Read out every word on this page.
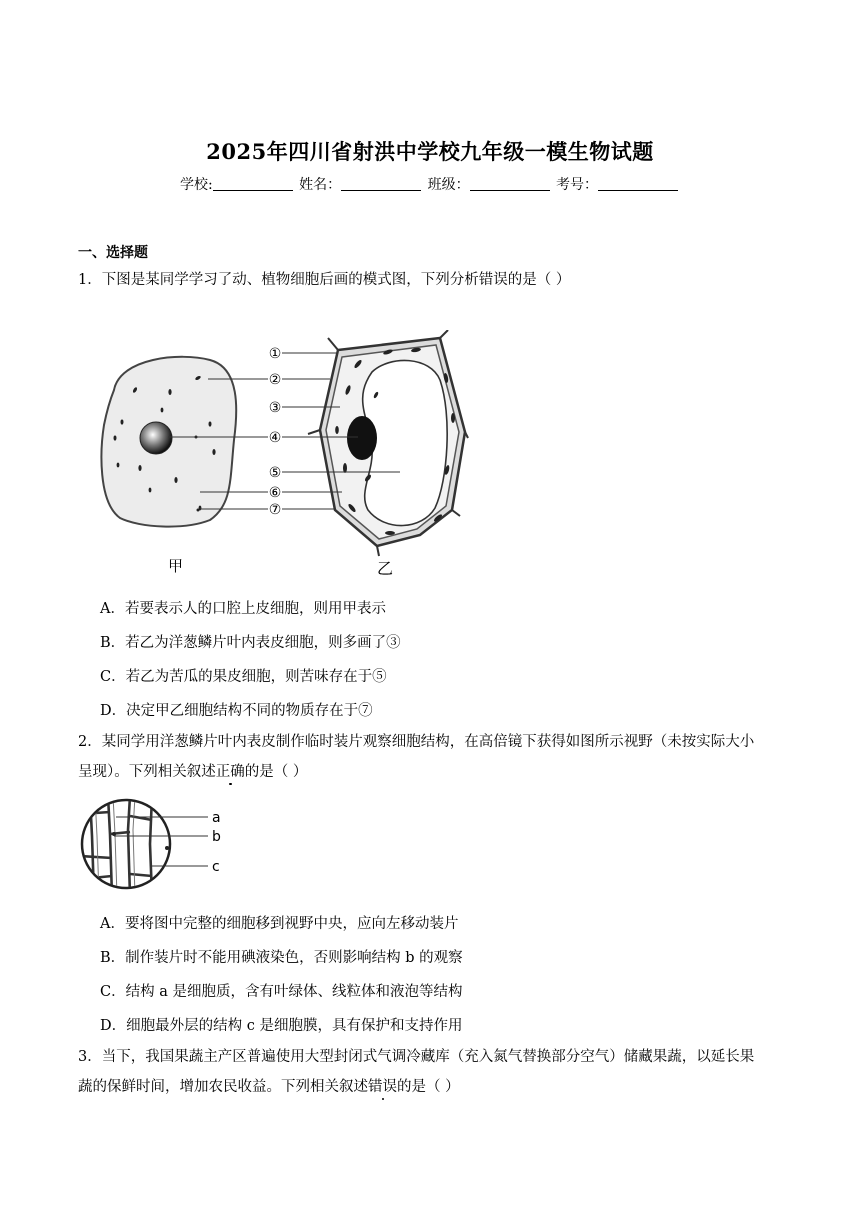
2025年四川省射洪中学校九年级一模生物试题
学校:	姓名：	班级：	考号：
一、选择题
1．下图是某同学学习了动、植物细胞后画的模式图，下列分析错误的是（ ）
甲	乙
①
②
③
④
⑤
⑥
⑦
A．若要表示人的口腔上皮细胞，则用甲表示
B．若乙为洋葱鳞片叶内表皮细胞，则多画了③
C．若乙为苦瓜的果皮细胞，则苦味存在于⑤
D．决定甲乙细胞结构不同的物质存在于⑦
2．某同学用洋葱鳞片叶内表皮制作临时装片观察细胞结构，在高倍镜下获得如图所示视野（未按实际大小
呈现）。下列相关叙述正确的是（ ）
a
b
c
A．要将图中完整的细胞移到视野中央，应向左移动装片
B．制作装片时不能用碘液染色，否则影响结构 b 的观察
C．结构 a 是细胞质，含有叶绿体、线粒体和液泡等结构
D．细胞最外层的结构 c 是细胞膜，具有保护和支持作用
3．当下，我国果蔬主产区普遍使用大型封闭式气调冷藏库（充入氮气替换部分空气）储藏果蔬，以延长果
蔬的保鲜时间，增加农民收益。下列相关叙述错误的是（ ）
